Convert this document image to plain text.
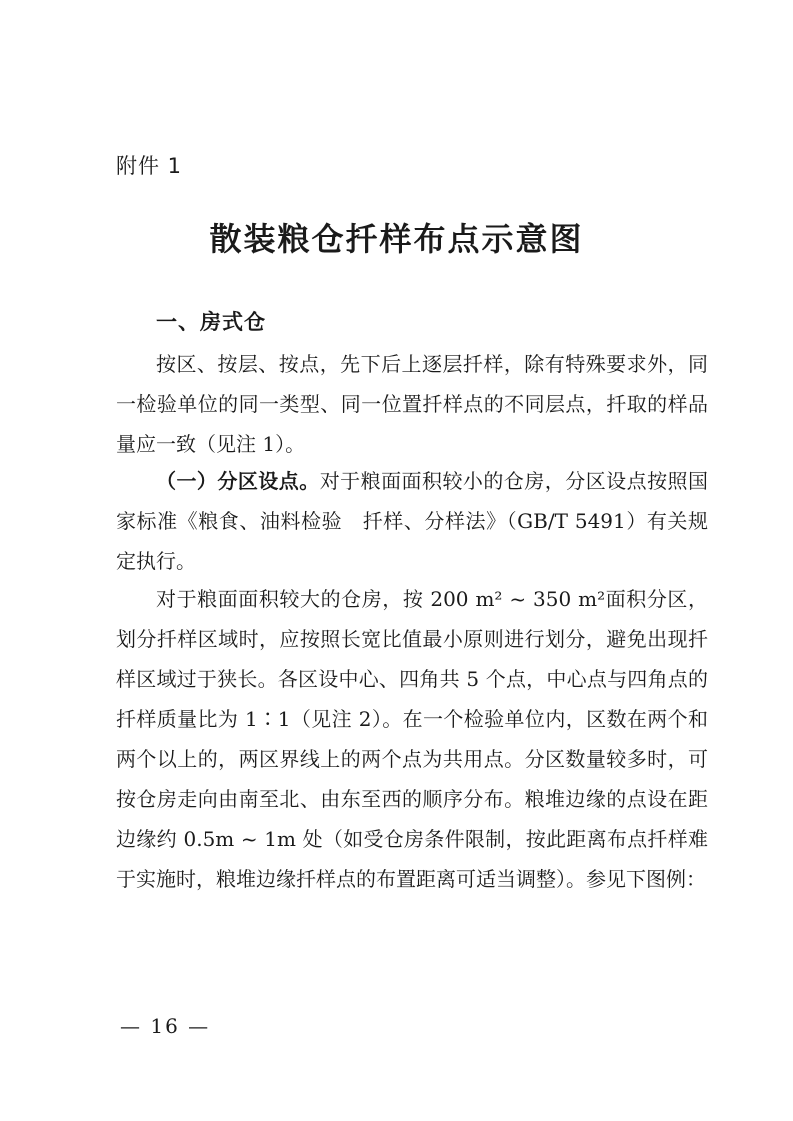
附件 1
散装粮仓扦样布点示意图
一、房式仓

按区、按层、按点，先下后上逐层扦样，除有特殊要求外，同一检验单位的同一类型、同一位置扦样点的不同层点，扦取的样品量应一致（见注 1）。

（一）分区设点。对于粮面面积较小的仓房，分区设点按照国家标准《粮食、油料检验　扦样、分样法》（GB/T 5491）有关规定执行。

对于粮面面积较大的仓房，按 200 m² ~ 350 m²面积分区，划分扦样区域时，应按照长宽比值最小原则进行划分，避免出现扦样区域过于狭长。各区设中心、四角共 5 个点，中心点与四角点的扦样质量比为 1∶1（见注 2）。在一个检验单位内，区数在两个和两个以上的，两区界线上的两个点为共用点。分区数量较多时，可按仓房走向由南至北、由东至西的顺序分布。粮堆边缘的点设在距边缘约 0.5m ~ 1m 处（如受仓房条件限制，按此距离布点扦样难于实施时，粮堆边缘扦样点的布置距离可适当调整）。参见下图例：

— 16 —
